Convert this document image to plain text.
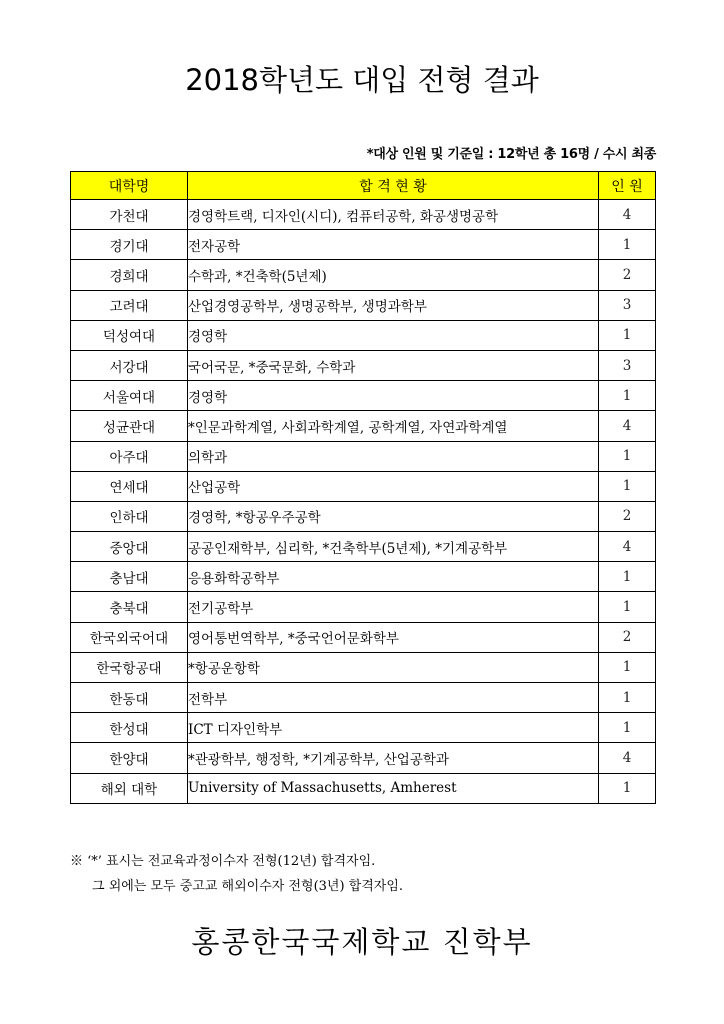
2018학년도 대입 전형 결과
*대상 인원 및 기준일 : 12학년 총 16명 / 수시 최종
대학명	합 격 현 황	인 원
가천대	경영학트랙, 디자인(시디), 컴퓨터공학, 화공생명공학	4
경기대	전자공학	1
경희대	수학과, *건축학(5년제)	2
고려대	산업경영공학부, 생명공학부, 생명과학부	3
덕성여대	경영학	1
서강대	국어국문, *중국문화, 수학과	3
서울여대	경영학	1
성균관대	*인문과학계열, 사회과학계열, 공학계열, 자연과학계열	4
아주대	의학과	1
연세대	산업공학	1
인하대	경영학, *항공우주공학	2
중앙대	공공인재학부, 심리학, *건축학부(5년제), *기계공학부	4
충남대	응용화학공학부	1
충북대	전기공학부	1
한국외국어대	영어통번역학부, *중국언어문화학부	2
한국항공대	*항공운항학	1
한동대	전학부	1
한성대	ICT 디자인학부	1
한양대	*관광학부, 행정학, *기계공학부, 산업공학과	4
해외 대학	University of Massachusetts, Amherest	1
※ ‘*’ 표시는 전교육과정이수자 전형(12년) 합격자임.
그 외에는 모두 중고교 해외이수자 전형(3년) 합격자임.
홍콩한국국제학교 진학부
